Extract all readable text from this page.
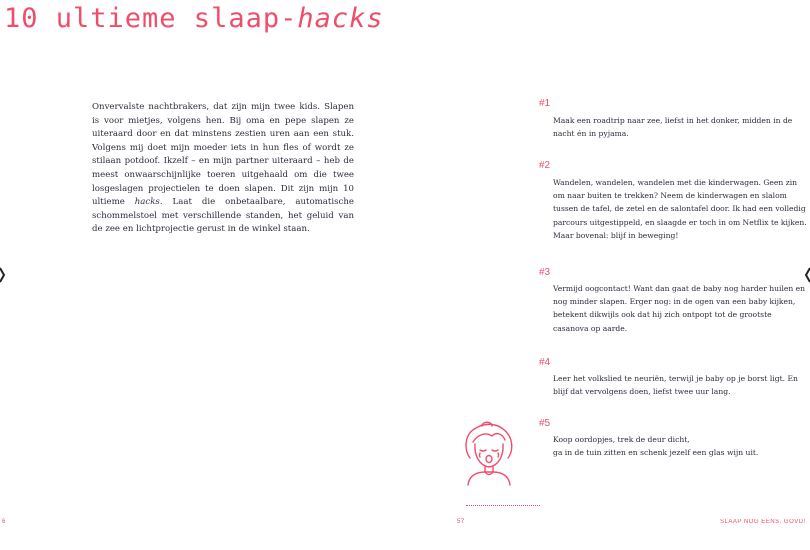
10 ultieme slaap-hacks

Onvervalste nachtbrakers, dat zijn mijn twee kids. Slapen is voor mietjes, volgens hen. Bij oma en pepe slapen ze uiteraard door en dat minstens zestien uren aan een stuk. Volgens mij doet mijn moeder iets in hun fles of wordt ze stilaan potdoof. Ikzelf – en mijn partner uiteraard – heb de meest onwaarschijnlijke toeren uitgehaald om die twee losgeslagen projectielen te doen slapen. Dit zijn mijn 10 ultieme hacks. Laat die onbetaalbare, automatische schommelstoel met verschillende standen, het geluid van de zee en lichtprojectie gerust in de winkel staan.

#1
Maak een roadtrip naar zee, liefst in het donker, midden in de nacht én in pyjama.
#2
Wandelen, wandelen, wandelen met die kinderwagen. Geen zin om naar buiten te trekken? Neem de kinderwagen en slalom tussen de tafel, de zetel en de salontafel door. Ik had een volledig parcours uitgestippeld, en slaagde er toch in om Netflix te kijken. Maar bovenal: blijf in beweging!
#3
Vermijd oogcontact! Want dan gaat de baby nog harder huilen en nog minder slapen. Erger nog: in de ogen van een baby kijken, betekent dikwijls ook dat hij zich ontpopt tot de grootste casanova op aarde.
#4
Leer het volkslied te neuriën, terwijl je baby op je borst ligt. En blijf dat vervolgens doen, liefst twee uur lang.
#5
Koop oordopjes, trek de deur dicht,
ga in de tuin zitten en schenk jezelf een glas wijn uit.
6	57	SLAAP NOG EENS, GOVD!
